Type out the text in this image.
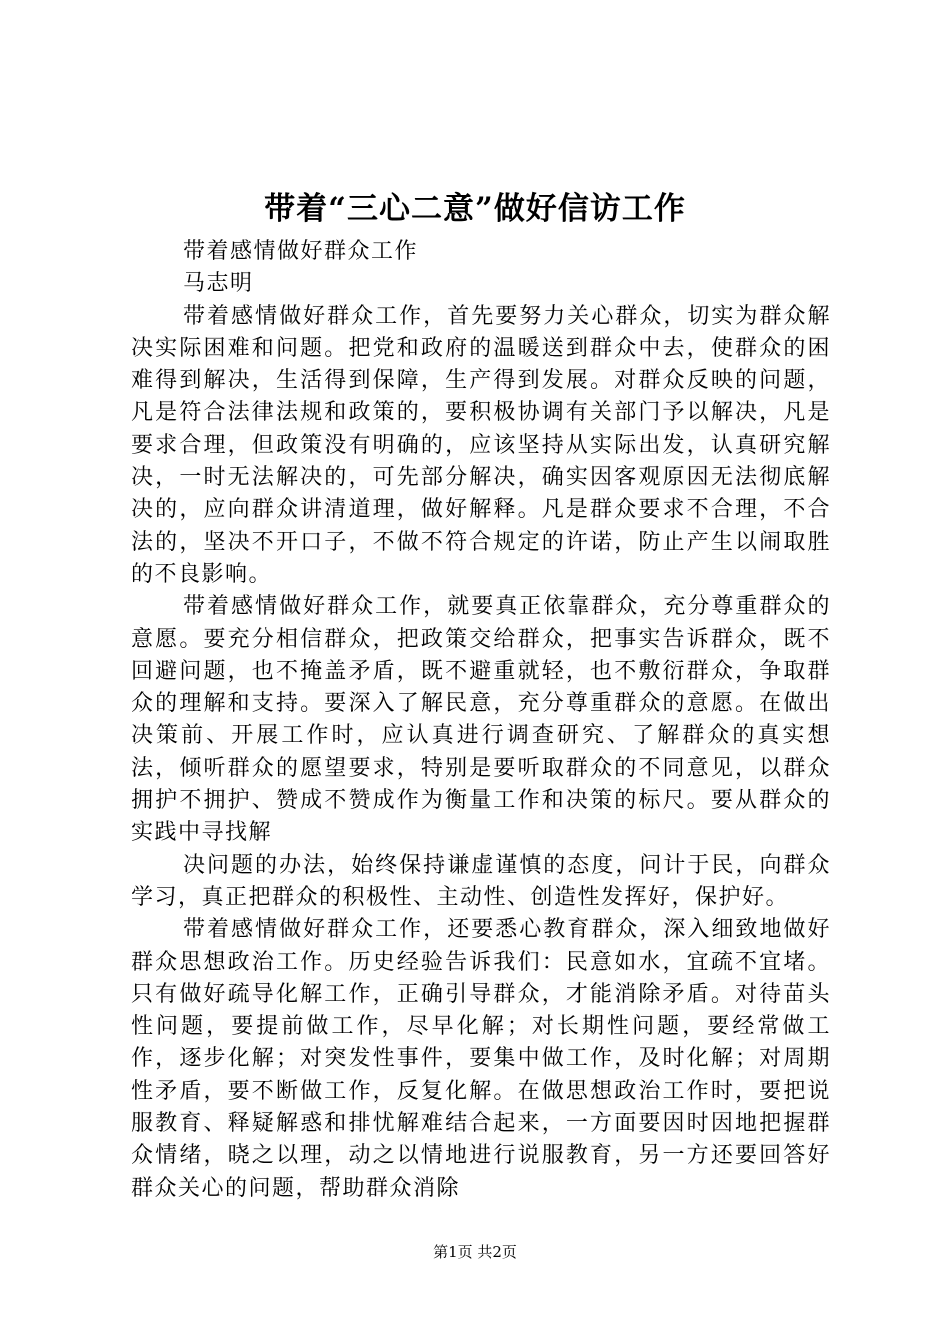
带着“三心二意”做好信访工作

带着感情做好群众工作

马志明

带着感情做好群众工作，首先要努力关心群众，切实为群众解决实际困难和问题。把党和政府的温暖送到群众中去，使群众的困难得到解决，生活得到保障，生产得到发展。对群众反映的问题，凡是符合法律法规和政策的，要积极协调有关部门予以解决，凡是要求合理，但政策没有明确的，应该坚持从实际出发，认真研究解决，一时无法解决的，可先部分解决，确实因客观原因无法彻底解决的，应向群众讲清道理，做好解释。凡是群众要求不合理，不合法的，坚决不开口子，不做不符合规定的许诺，防止产生以闹取胜的不良影响。

带着感情做好群众工作，就要真正依靠群众，充分尊重群众的意愿。要充分相信群众，把政策交给群众，把事实告诉群众，既不回避问题，也不掩盖矛盾，既不避重就轻，也不敷衍群众，争取群众的理解和支持。要深入了解民意，充分尊重群众的意愿。在做出决策前、开展工作时，应认真进行调查研究、了解群众的真实想法，倾听群众的愿望要求，特别是要听取群众的不同意见，以群众拥护不拥护、赞成不赞成作为衡量工作和决策的标尺。要从群众的实践中寻找解

决问题的办法，始终保持谦虚谨慎的态度，问计于民，向群众学习，真正把群众的积极性、主动性、创造性发挥好，保护好。

带着感情做好群众工作，还要悉心教育群众，深入细致地做好群众思想政治工作。历史经验告诉我们：民意如水，宜疏不宜堵。只有做好疏导化解工作，正确引导群众，才能消除矛盾。对待苗头性问题，要提前做工作，尽早化解；对长期性问题，要经常做工作，逐步化解；对突发性事件，要集中做工作，及时化解；对周期性矛盾，要不断做工作，反复化解。在做思想政治工作时，要把说服教育、释疑解惑和排忧解难结合起来，一方面要因时因地把握群众情绪，晓之以理，动之以情地进行说服教育，另一方还要回答好群众关心的问题，帮助群众消除

第1页 共2页
